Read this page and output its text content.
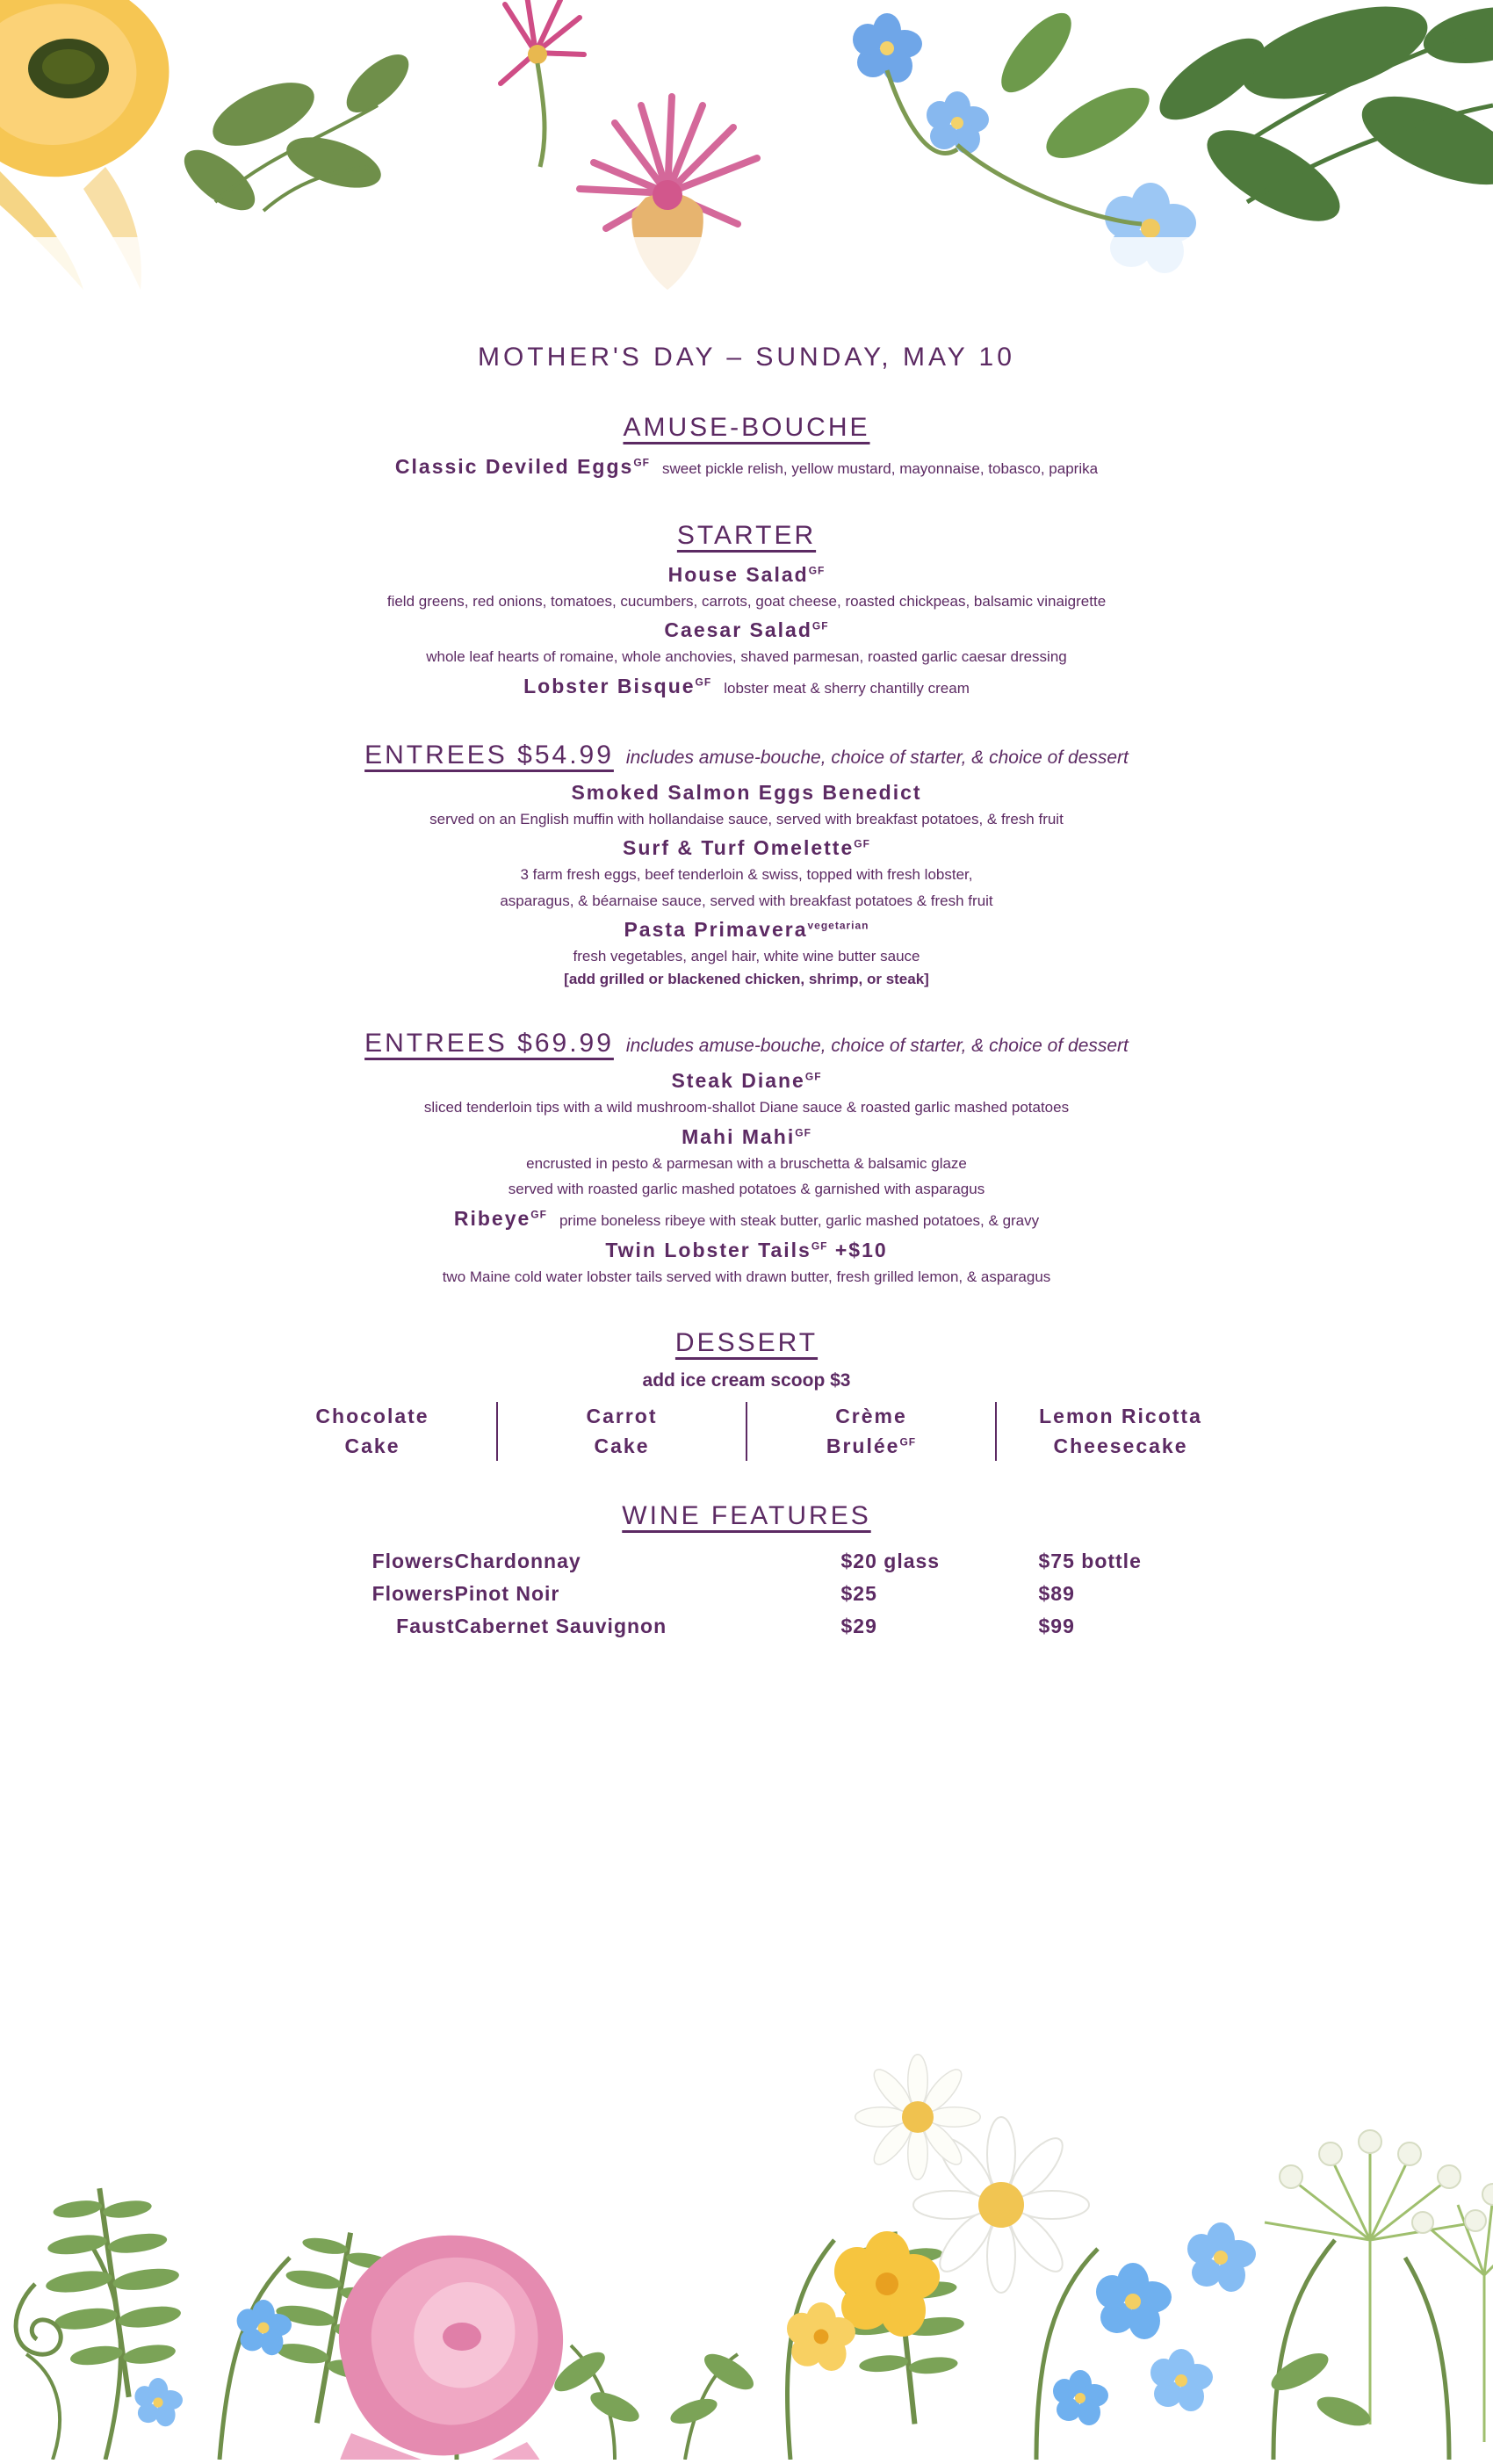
MOTHER'S DAY – SUNDAY, MAY 10
AMUSE-BOUCHE
Classic Deviled Eggs$^{GF}$ sweet pickle relish, yellow mustard, mayonnaise, tobasco, paprika
STARTER
House Salad$^{GF}$
field greens, red onions, tomatoes, cucumbers, carrots, goat cheese, roasted chickpeas, balsamic vinaigrette
Caesar Salad$^{GF}$
whole leaf hearts of romaine, whole anchovies, shaved parmesan, roasted garlic caesar dressing
Lobster Bisque$^{GF}$ lobster meat & sherry chantilly cream
ENTREES $54.99 includes amuse-bouche, choice of starter, & choice of dessert
Smoked Salmon Eggs Benedict
served on an English muffin with hollandaise sauce, served with breakfast potatoes, & fresh fruit
Surf & Turf Omelette$^{GF}$
3 farm fresh eggs, beef tenderloin & swiss, topped with fresh lobster,
asparagus, & béarnaise sauce, served with breakfast potatoes & fresh fruit
Pasta Primavera$^{vegetarian}$
fresh vegetables, angel hair, white wine butter sauce
[add grilled or blackened chicken, shrimp, or steak]
ENTREES $69.99 includes amuse-bouche, choice of starter, & choice of dessert
Steak Diane$^{GF}$
sliced tenderloin tips with a wild mushroom-shallot Diane sauce & roasted garlic mashed potatoes
Mahi Mahi$^{GF}$
encrusted in pesto & parmesan with a bruschetta & balsamic glaze
served with roasted garlic mashed potatoes & garnished with asparagus
Ribeye$^{GF}$ prime boneless ribeye with steak butter, garlic mashed potatoes, & gravy
Twin Lobster Tails$^{GF}$ +$10
two Maine cold water lobster tails served with drawn butter, fresh grilled lemon, & asparagus
DESSERT
add ice cream scoop $3
Chocolate
Cake
Carrot
Cake
Crème
Brulée$^{GF}$
Lemon Ricotta
Cheesecake
WINE FEATURES
Flowers	Chardonnay	$20 glass	$75 bottle
Flowers	Pinot Noir	$25	$89
Faust	Cabernet Sauvignon	$29	$99
